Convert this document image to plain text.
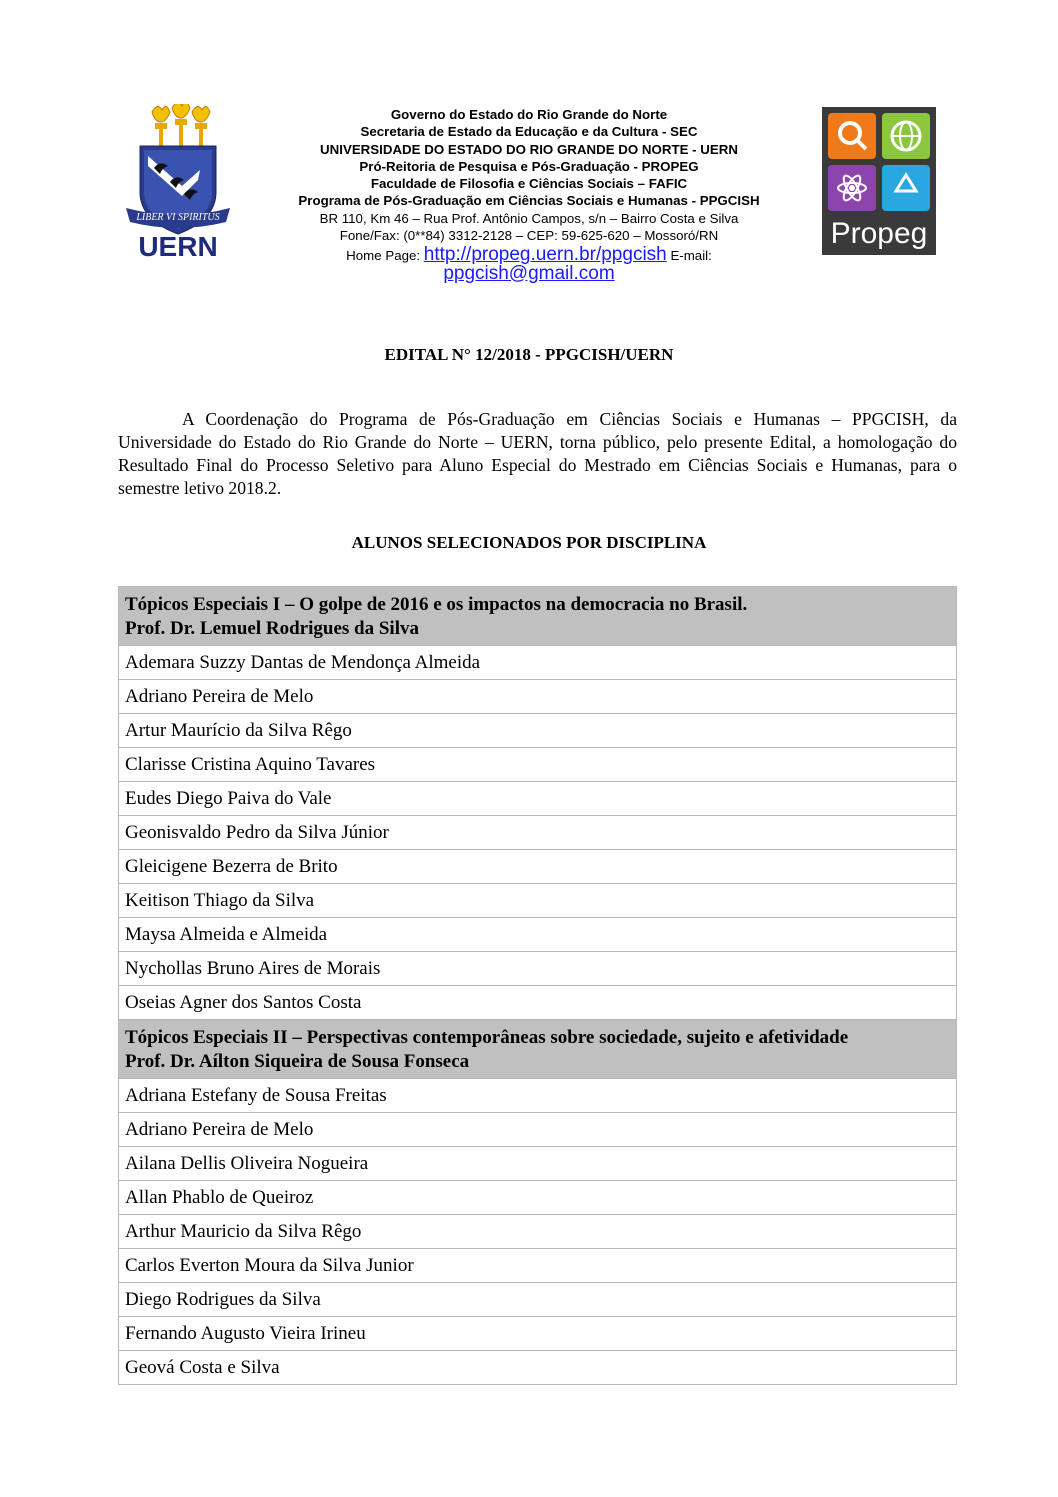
LIBER VI SPIRITUS
UERN
Governo do Estado do Rio Grande do Norte
Secretaria de Estado da Educação e da Cultura - SEC
UNIVERSIDADE DO ESTADO DO RIO GRANDE DO NORTE - UERN
Pró-Reitoria de Pesquisa e Pós-Graduação - PROPEG
Faculdade de Filosofia e Ciências Sociais – FAFIC
Programa de Pós-Graduação em Ciências Sociais e Humanas - PPGCISH
BR 110, Km 46 – Rua Prof. Antônio Campos, s/n – Bairro Costa e Silva
Fone/Fax: (0**84) 3312-2128 – CEP: 59-625-620 – Mossoró/RN
Home Page: http://propeg.uern.br/ppgcish E-mail:
ppgcish@gmail.com
Propeg
EDITAL N° 12/2018 - PPGCISH/UERN

A Coordenação do Programa de Pós-Graduação em Ciências Sociais e Humanas – PPGCISH, da Universidade do Estado do Rio Grande do Norte – UERN, torna público, pelo presente Edital, a homologação do Resultado Final do Processo Seletivo para Aluno Especial do Mestrado em Ciências Sociais e Humanas, para o semestre letivo 2018.2.

ALUNOS SELECIONADOS POR DISCIPLINA
Tópicos Especiais I – O golpe de 2016 e os impactos na democracia no Brasil.
Prof. Dr. Lemuel Rodrigues da Silva

Ademara Suzzy Dantas de Mendonça Almeida
Adriano Pereira de Melo
Artur Maurício da Silva Rêgo
Clarisse Cristina Aquino Tavares
Eudes Diego Paiva do Vale
Geonisvaldo Pedro da Silva Júnior
Gleicigene Bezerra de Brito
Keitison Thiago da Silva
Maysa Almeida e Almeida
Nychollas Bruno Aires de Morais
Oseias Agner dos Santos Costa

Tópicos Especiais II – Perspectivas contemporâneas sobre sociedade, sujeito e afetividade
Prof. Dr. Aílton Siqueira de Sousa Fonseca

Adriana Estefany de Sousa Freitas
Adriano Pereira de Melo
Ailana Dellis Oliveira Nogueira
Allan Phablo de Queiroz
Arthur Mauricio da Silva Rêgo
Carlos Everton Moura da Silva Junior
Diego Rodrigues da Silva
Fernando Augusto Vieira Irineu
Geová Costa e Silva
